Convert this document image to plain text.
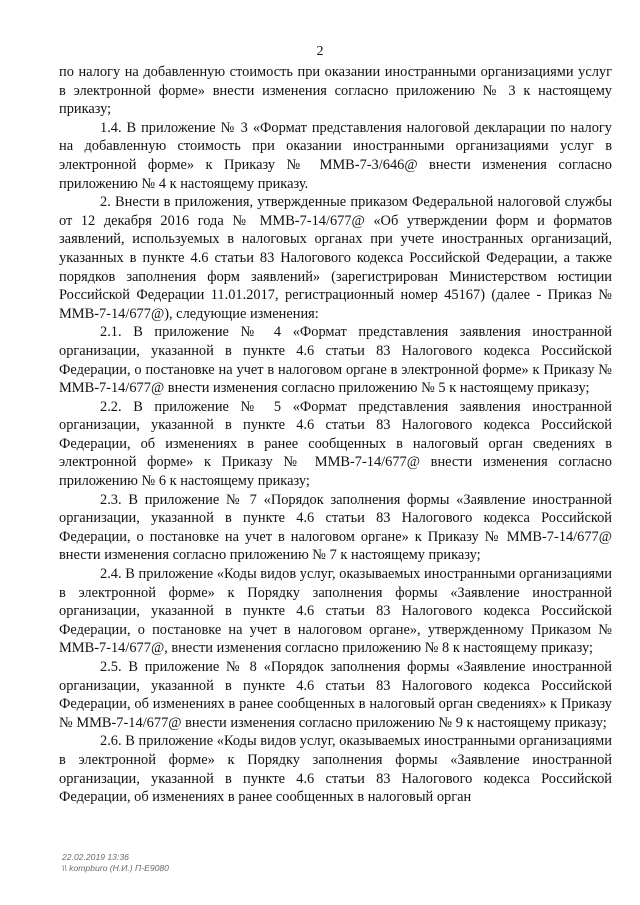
2

по налогу на добавленную стоимость при оказании иностранными организациями услуг в электронной форме» внести изменения согласно приложению № 3 к настоящему приказу;

1.4. В приложение № 3 «Формат представления налоговой декларации по налогу на добавленную стоимость при оказании иностранными организациями услуг в электронной форме» к Приказу № ММВ-7-3/646@ внести изменения согласно приложению № 4 к настоящему приказу.

2. Внести в приложения, утвержденные приказом Федеральной налоговой службы от 12 декабря 2016 года № ММВ-7-14/677@ «Об утверждении форм и форматов заявлений, используемых в налоговых органах при учете иностранных организаций, указанных в пункте 4.6 статьи 83 Налогового кодекса Российской Федерации, а также порядков заполнения форм заявлений» (зарегистрирован Министерством юстиции Российской Федерации 11.01.2017, регистрационный номер 45167) (далее - Приказ № ММВ-7-14/677@), следующие изменения:

2.1. В приложение № 4 «Формат представления заявления иностранной организации, указанной в пункте 4.6 статьи 83 Налогового кодекса Российской Федерации, о постановке на учет в налоговом органе в электронной форме» к Приказу № ММВ-7-14/677@ внести изменения согласно приложению № 5 к настоящему приказу;

2.2. В приложение № 5 «Формат представления заявления иностранной организации, указанной в пункте 4.6 статьи 83 Налогового кодекса Российской Федерации, об изменениях в ранее сообщенных в налоговый орган сведениях в электронной форме» к Приказу № ММВ-7-14/677@ внести изменения согласно приложению № 6 к настоящему приказу;

2.3. В приложение № 7 «Порядок заполнения формы «Заявление иностранной организации, указанной в пункте 4.6 статьи 83 Налогового кодекса Российской Федерации, о постановке на учет в налоговом органе» к Приказу № ММВ-7-14/677@ внести изменения согласно приложению № 7 к настоящему приказу;

2.4. В приложение «Коды видов услуг, оказываемых иностранными организациями в электронной форме» к Порядку заполнения формы «Заявление иностранной организации, указанной в пункте 4.6 статьи 83 Налогового кодекса Российской Федерации, о постановке на учет в налоговом органе», утвержденному Приказом № ММВ-7-14/677@, внести изменения согласно приложению № 8 к настоящему приказу;

2.5. В приложение № 8 «Порядок заполнения формы «Заявление иностранной организации, указанной в пункте 4.6 статьи 83 Налогового кодекса Российской Федерации, об изменениях в ранее сообщенных в налоговый орган сведениях» к Приказу № ММВ-7-14/677@ внести изменения согласно приложению № 9 к настоящему приказу;

2.6. В приложение «Коды видов услуг, оказываемых иностранными организациями в электронной форме» к Порядку заполнения формы «Заявление иностранной организации, указанной в пункте 4.6 статьи 83 Налогового кодекса Российской Федерации, об изменениях в ранее сообщенных в налоговый орган

22.02.2019 13:36
\\ kompburo (Н.И.) П-E9080
